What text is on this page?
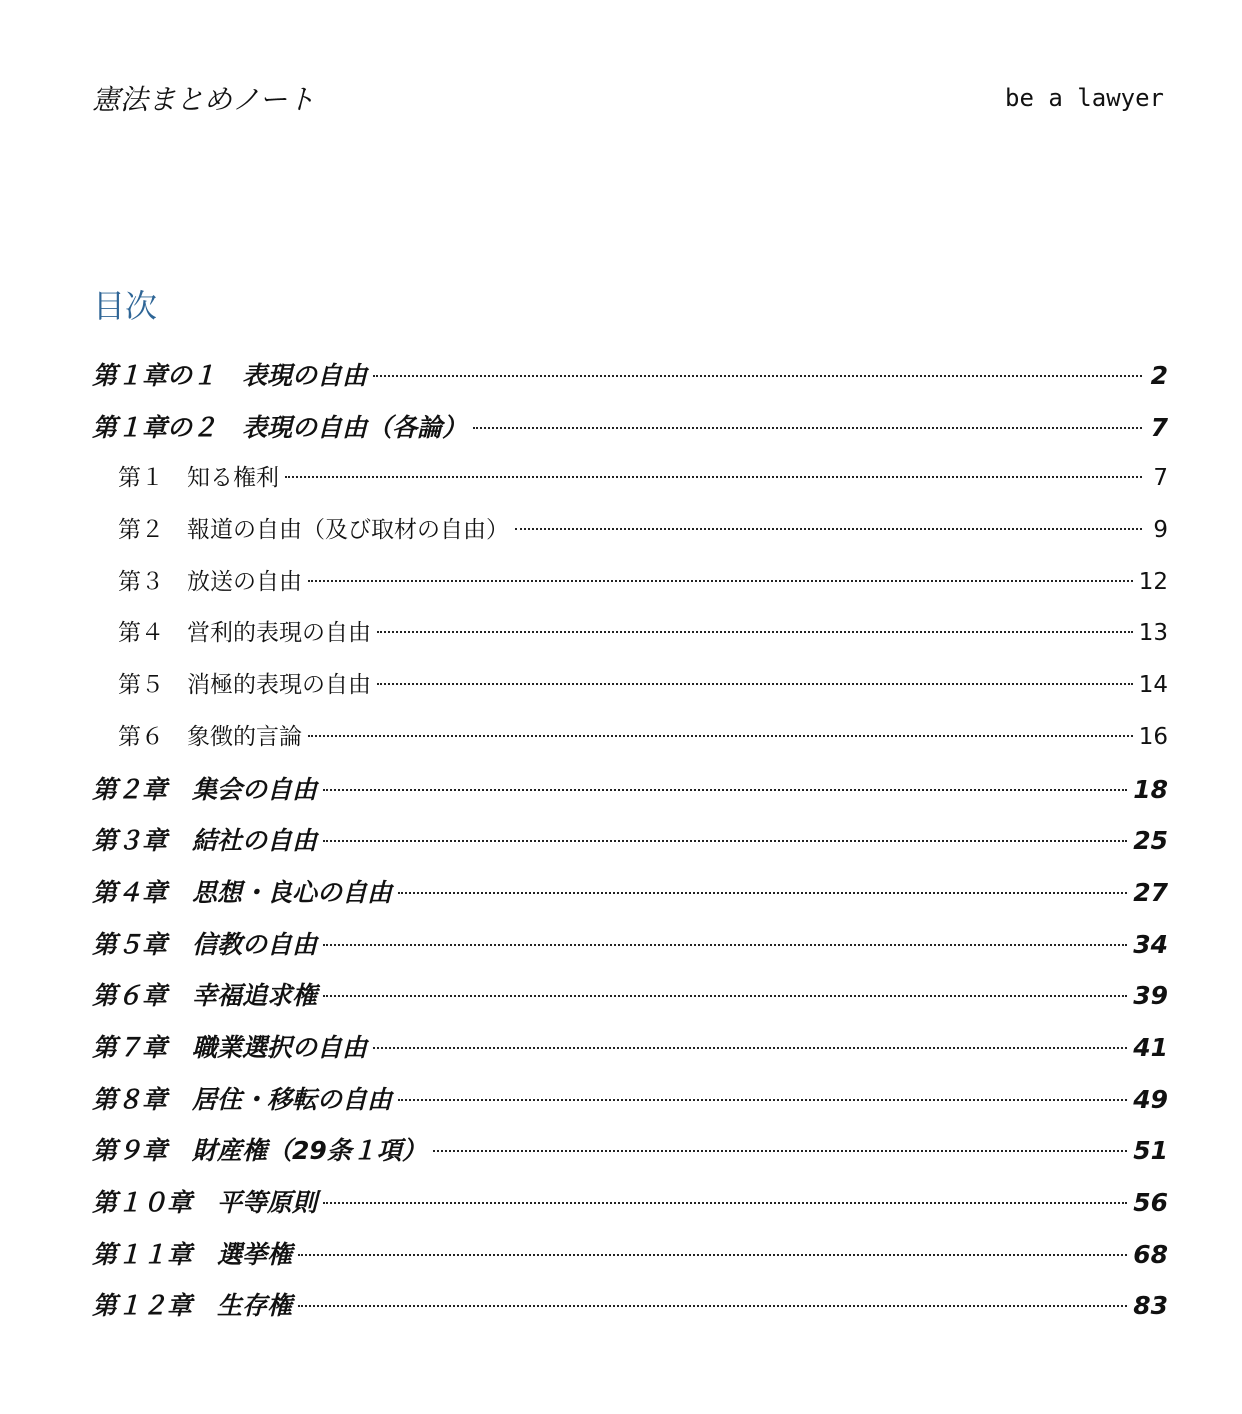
憲法まとめノート	be a lawyer
目次
第１章の１　 表現の自由	2
第１章の２　 表現の自由（各論）	7
第１　 知る権利	7
第２　 報道の自由（及び取材の自由）	9
第３　 放送の自由	12
第４　 営利的表現の自由	13
第５　 消極的表現の自由	14
第６　 象徴的言論	16
第２章　 集会の自由	18
第３章　 結社の自由	25
第４章　 思想・良心の自由	27
第５章　 信教の自由	34
第６章　 幸福追求権	39
第７章　 職業選択の自由	41
第８章　 居住・移転の自由	49
第９章　 財産権（29条１項）	51
第１０章　 平等原則	56
第１１章　 選挙権	68
第１２章　 生存権	83
